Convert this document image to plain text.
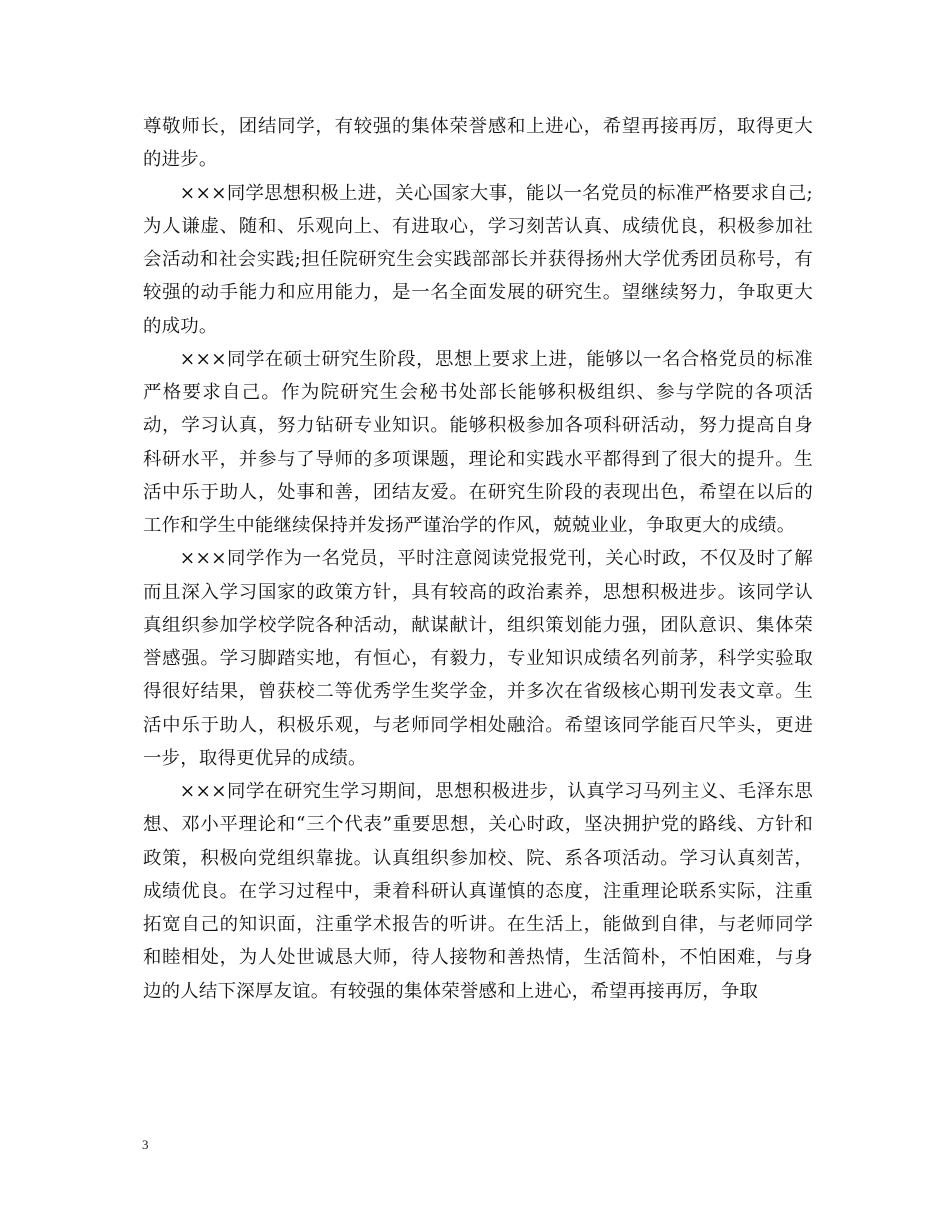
尊敬师长，团结同学，有较强的集体荣誉感和上进心，希望再接再厉，取得更大的进步。

×××同学思想积极上进，关心国家大事，能以一名党员的标准严格要求自己;为人谦虚、随和、乐观向上、有进取心，学习刻苦认真、成绩优良，积极参加社会活动和社会实践;担任院研究生会实践部部长并获得扬州大学优秀团员称号，有较强的动手能力和应用能力，是一名全面发展的研究生。望继续努力，争取更大的成功。

×××同学在硕士研究生阶段，思想上要求上进，能够以一名合格党员的标准严格要求自己。作为院研究生会秘书处部长能够积极组织、参与学院的各项活动，学习认真，努力钻研专业知识。能够积极参加各项科研活动，努力提高自身科研水平，并参与了导师的多项课题，理论和实践水平都得到了很大的提升。生活中乐于助人，处事和善，团结友爱。在研究生阶段的表现出色，希望在以后的工作和学生中能继续保持并发扬严谨治学的作风，兢兢业业，争取更大的成绩。

×××同学作为一名党员，平时注意阅读党报党刊，关心时政，不仅及时了解而且深入学习国家的政策方针，具有较高的政治素养，思想积极进步。该同学认真组织参加学校学院各种活动，献谋献计，组织策划能力强，团队意识、集体荣誉感强。学习脚踏实地，有恒心，有毅力，专业知识成绩名列前茅，科学实验取得很好结果，曾获校二等优秀学生奖学金，并多次在省级核心期刊发表文章。生活中乐于助人，积极乐观，与老师同学相处融洽。希望该同学能百尺竿头，更进一步，取得更优异的成绩。

×××同学在研究生学习期间，思想积极进步，认真学习马列主义、毛泽东思想、邓小平理论和“三个代表”重要思想，关心时政，坚决拥护党的路线、方针和政策，积极向党组织靠拢。认真组织参加校、院、系各项活动。学习认真刻苦，成绩优良。在学习过程中，秉着科研认真谨慎的态度，注重理论联系实际，注重拓宽自己的知识面，注重学术报告的听讲。在生活上，能做到自律，与老师同学和睦相处，为人处世诚恳大师，待人接物和善热情，生活简朴，不怕困难，与身边的人结下深厚友谊。有较强的集体荣誉感和上进心，希望再接再厉，争取

3
